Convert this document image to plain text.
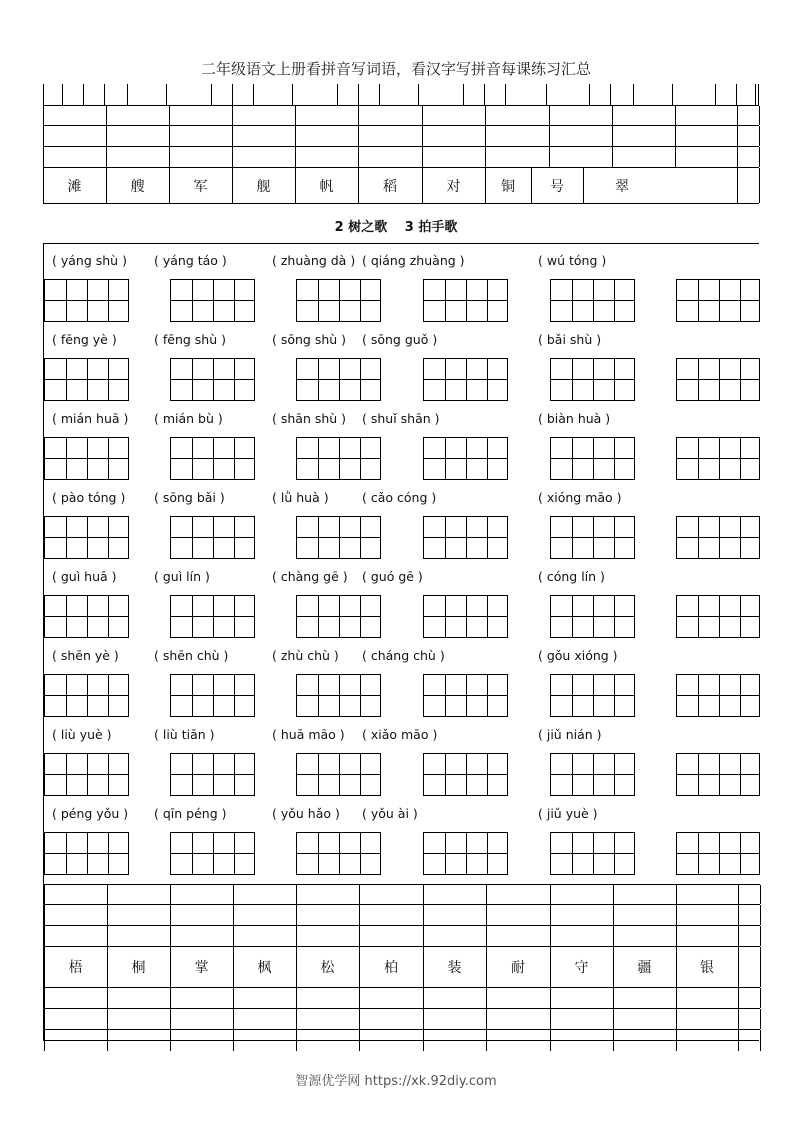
二年级语文上册看拼音写词语，看汉字写拼音每课练习汇总
滩	艘	军	舰	帆	稻	对	铜	号	翠
2 树之歌　 3 拍手歌
( yáng shù ) ( yáng táo )	( zhuàng dà ) ( qiáng zhuàng )	( wú tóng )
( fēng yè )	( fēng shù )	( sōng shù ) ( sōng guǒ )	( bǎi shù )
( mián huā ) ( mián bù )	( shān shù ) ( shuǐ shān )	( biàn huà )
( pào tóng ) ( sōng bǎi )	( lǜ huà )	( cǎo cóng )	( xióng māo )
( guì huā )	( guì lín )	( chàng gē ) ( guó gē )	( cóng lín )
( shēn yè )	( shēn chù )	( zhù chù ) ( cháng chù )	( gǒu xióng )
( liù yuè )	( liù tiān )	( huā māo ) ( xiǎo māo )	( jiǔ nián )
( péng yǒu ) ( qīn péng )	( yǒu hǎo ) ( yǒu ài )	( jiǔ yuè )
梧	桐	掌	枫	松	柏	装	耐	守	疆	银
智源优学网 https://xk.92diy.com
